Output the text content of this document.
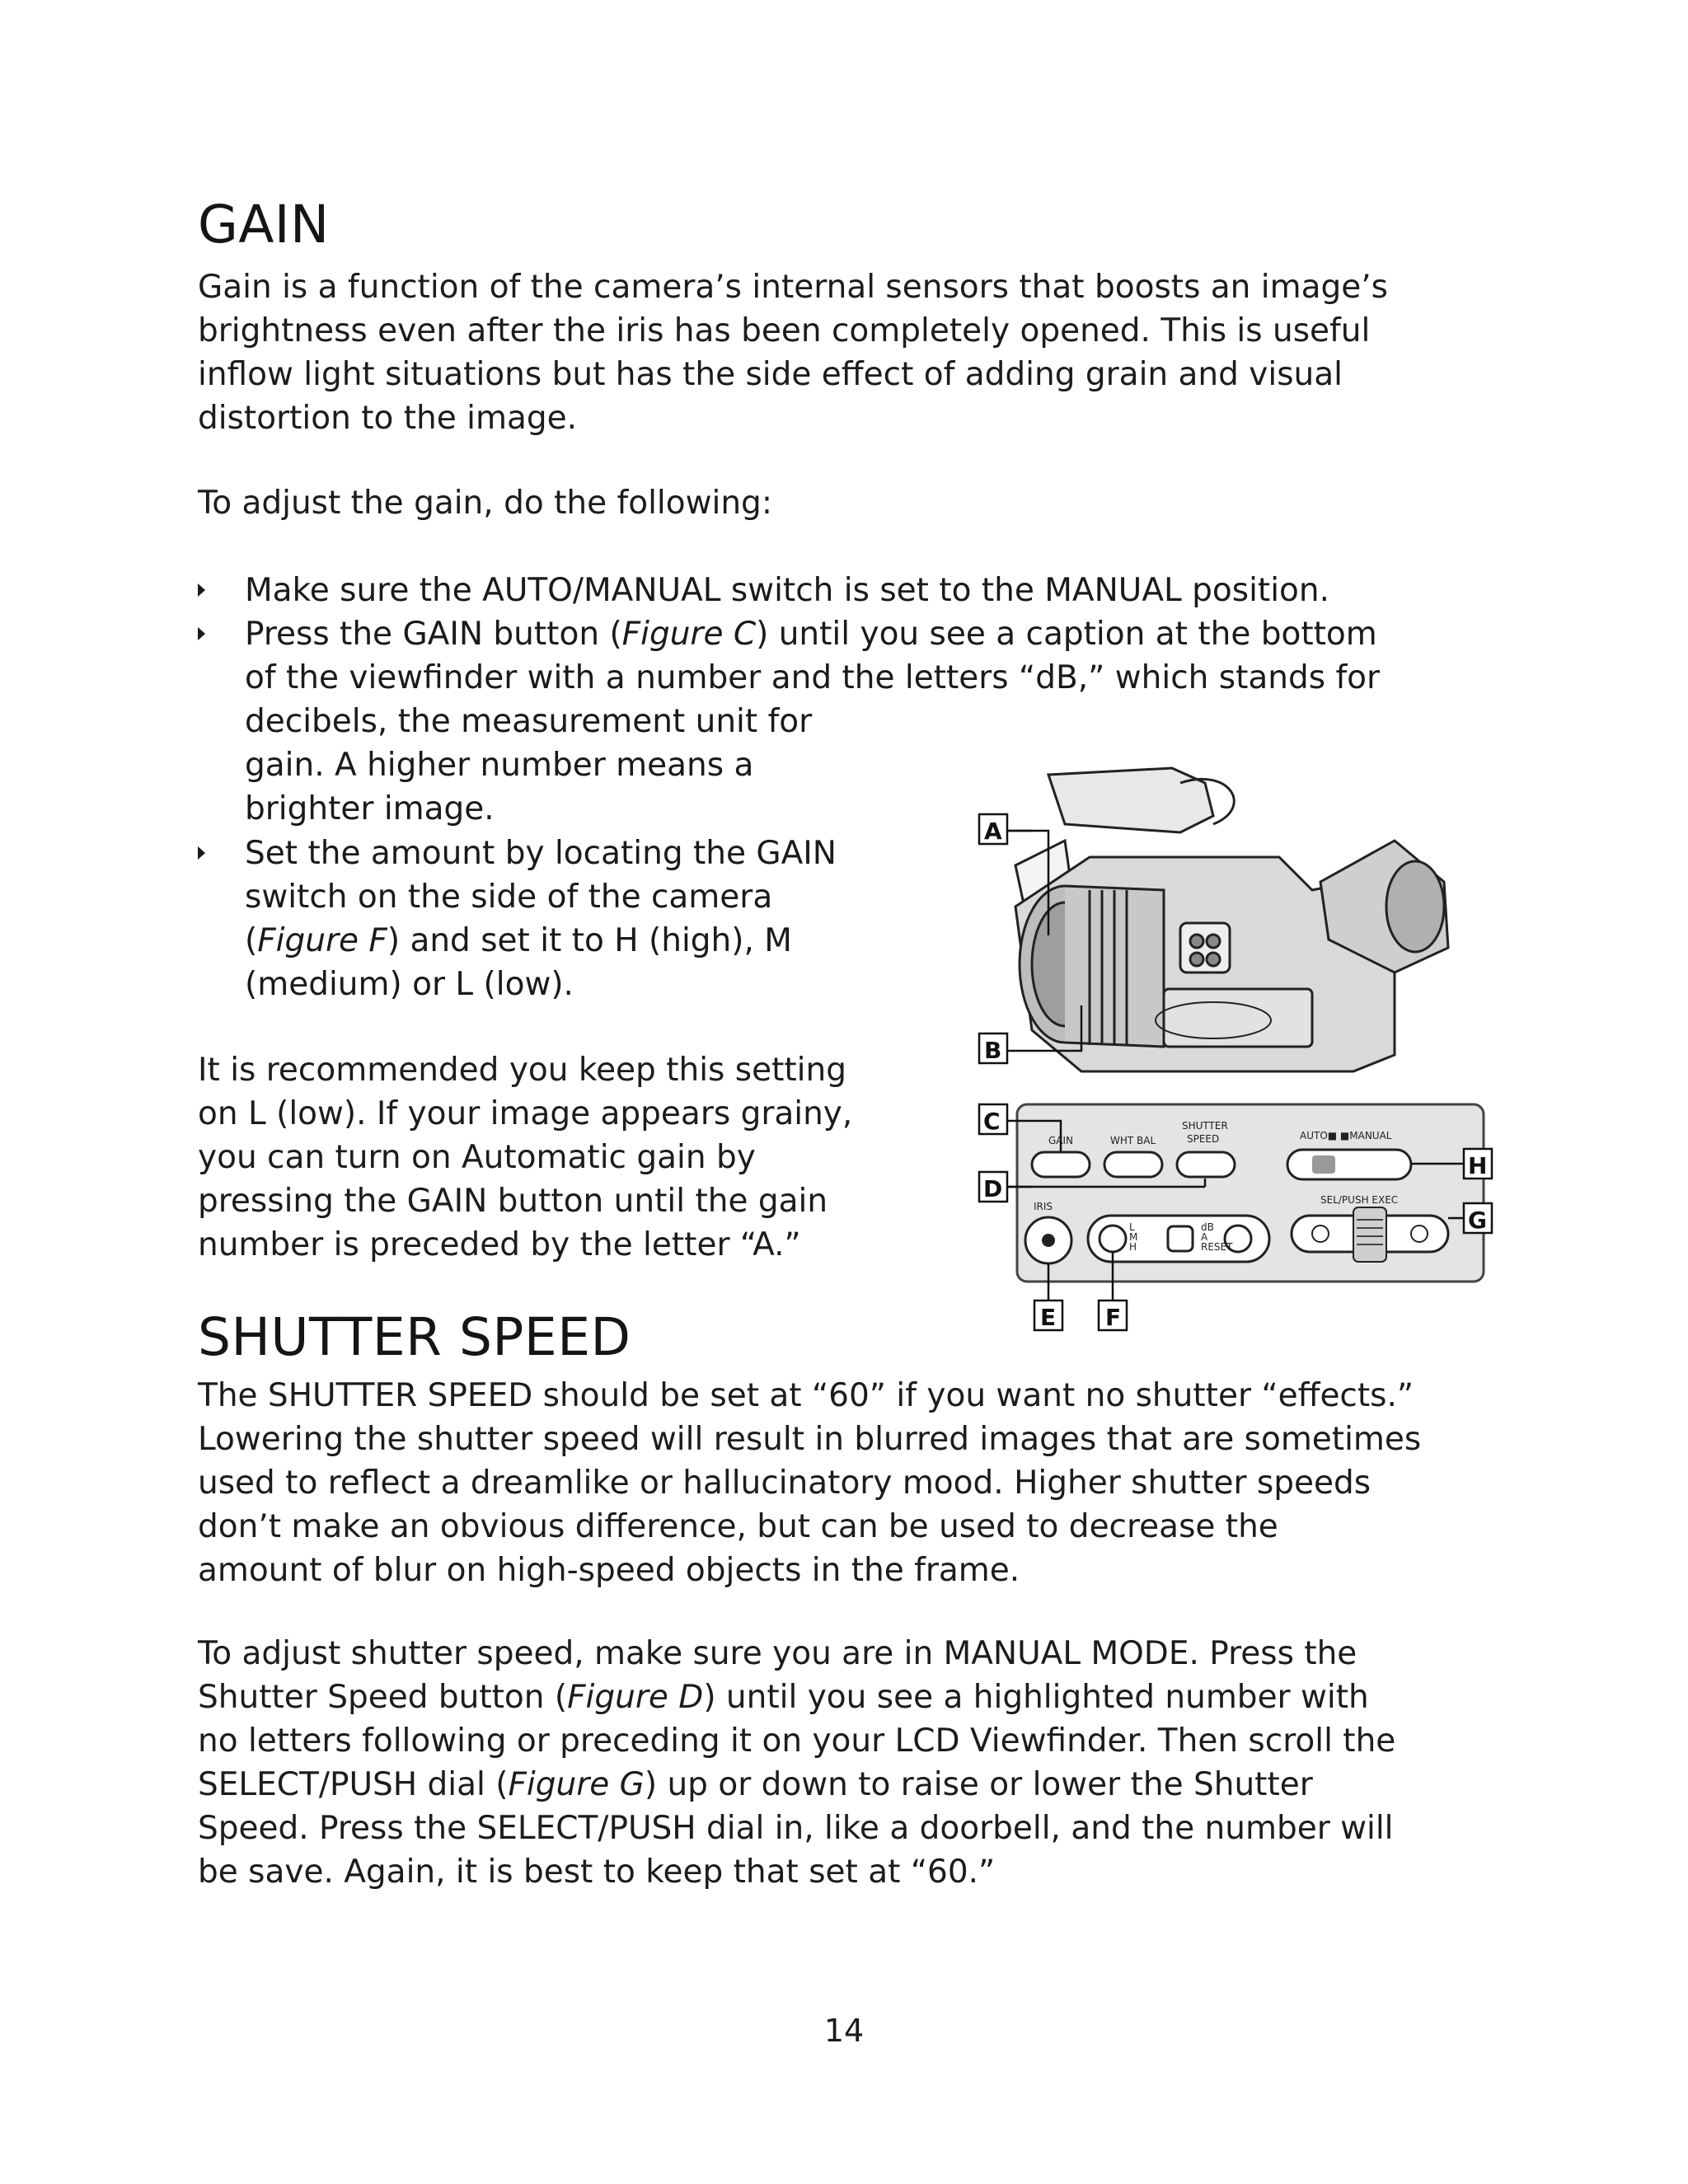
GAIN

Gain is a function of the camera’s internal sensors that boosts an image’s
brightness even after the iris has been completely opened. This is useful
inflow light situations but has the side effect of adding grain and visual
distortion to the image.

To adjust the gain, do the following:

Make sure the AUTO/MANUAL switch is set to the MANUAL position.
Press the GAIN button (Figure C) until you see a caption at the bottom
of the viewfinder with a number and the letters “dB,” which stands for
decibels, the measurement unit for
gain. A higher number means a
brighter image.
Set the amount by locating the GAIN
switch on the side of the camera
(Figure F) and set it to H (high), M
(medium) or L (low).

It is recommended you keep this setting
on L (low). If your image appears grainy,
you can turn on Automatic gain by
pressing the GAIN button until the gain
number is preceded by the letter “A.”

GAIN	WHT BAL
SHUTTER
SPEED	AUTO■ ■MANUAL
SEL/PUSH EXEC
IRIS
L M H
dB A RESET
A
B
C
D
E F
G
H
SHUTTER SPEED

The SHUTTER SPEED should be set at “60” if you want no shutter “effects.”
Lowering the shutter speed will result in blurred images that are sometimes
used to reflect a dreamlike or hallucinatory mood. Higher shutter speeds
don’t make an obvious difference, but can be used to decrease the
amount of blur on high-speed objects in the frame.

To adjust shutter speed, make sure you are in MANUAL MODE. Press the
Shutter Speed button (Figure D) until you see a highlighted number with
no letters following or preceding it on your LCD Viewfinder. Then scroll the
SELECT/PUSH dial (Figure G) up or down to raise or lower the Shutter
Speed. Press the SELECT/PUSH dial in, like a doorbell, and the number will
be save. Again, it is best to keep that set at “60.”

14
